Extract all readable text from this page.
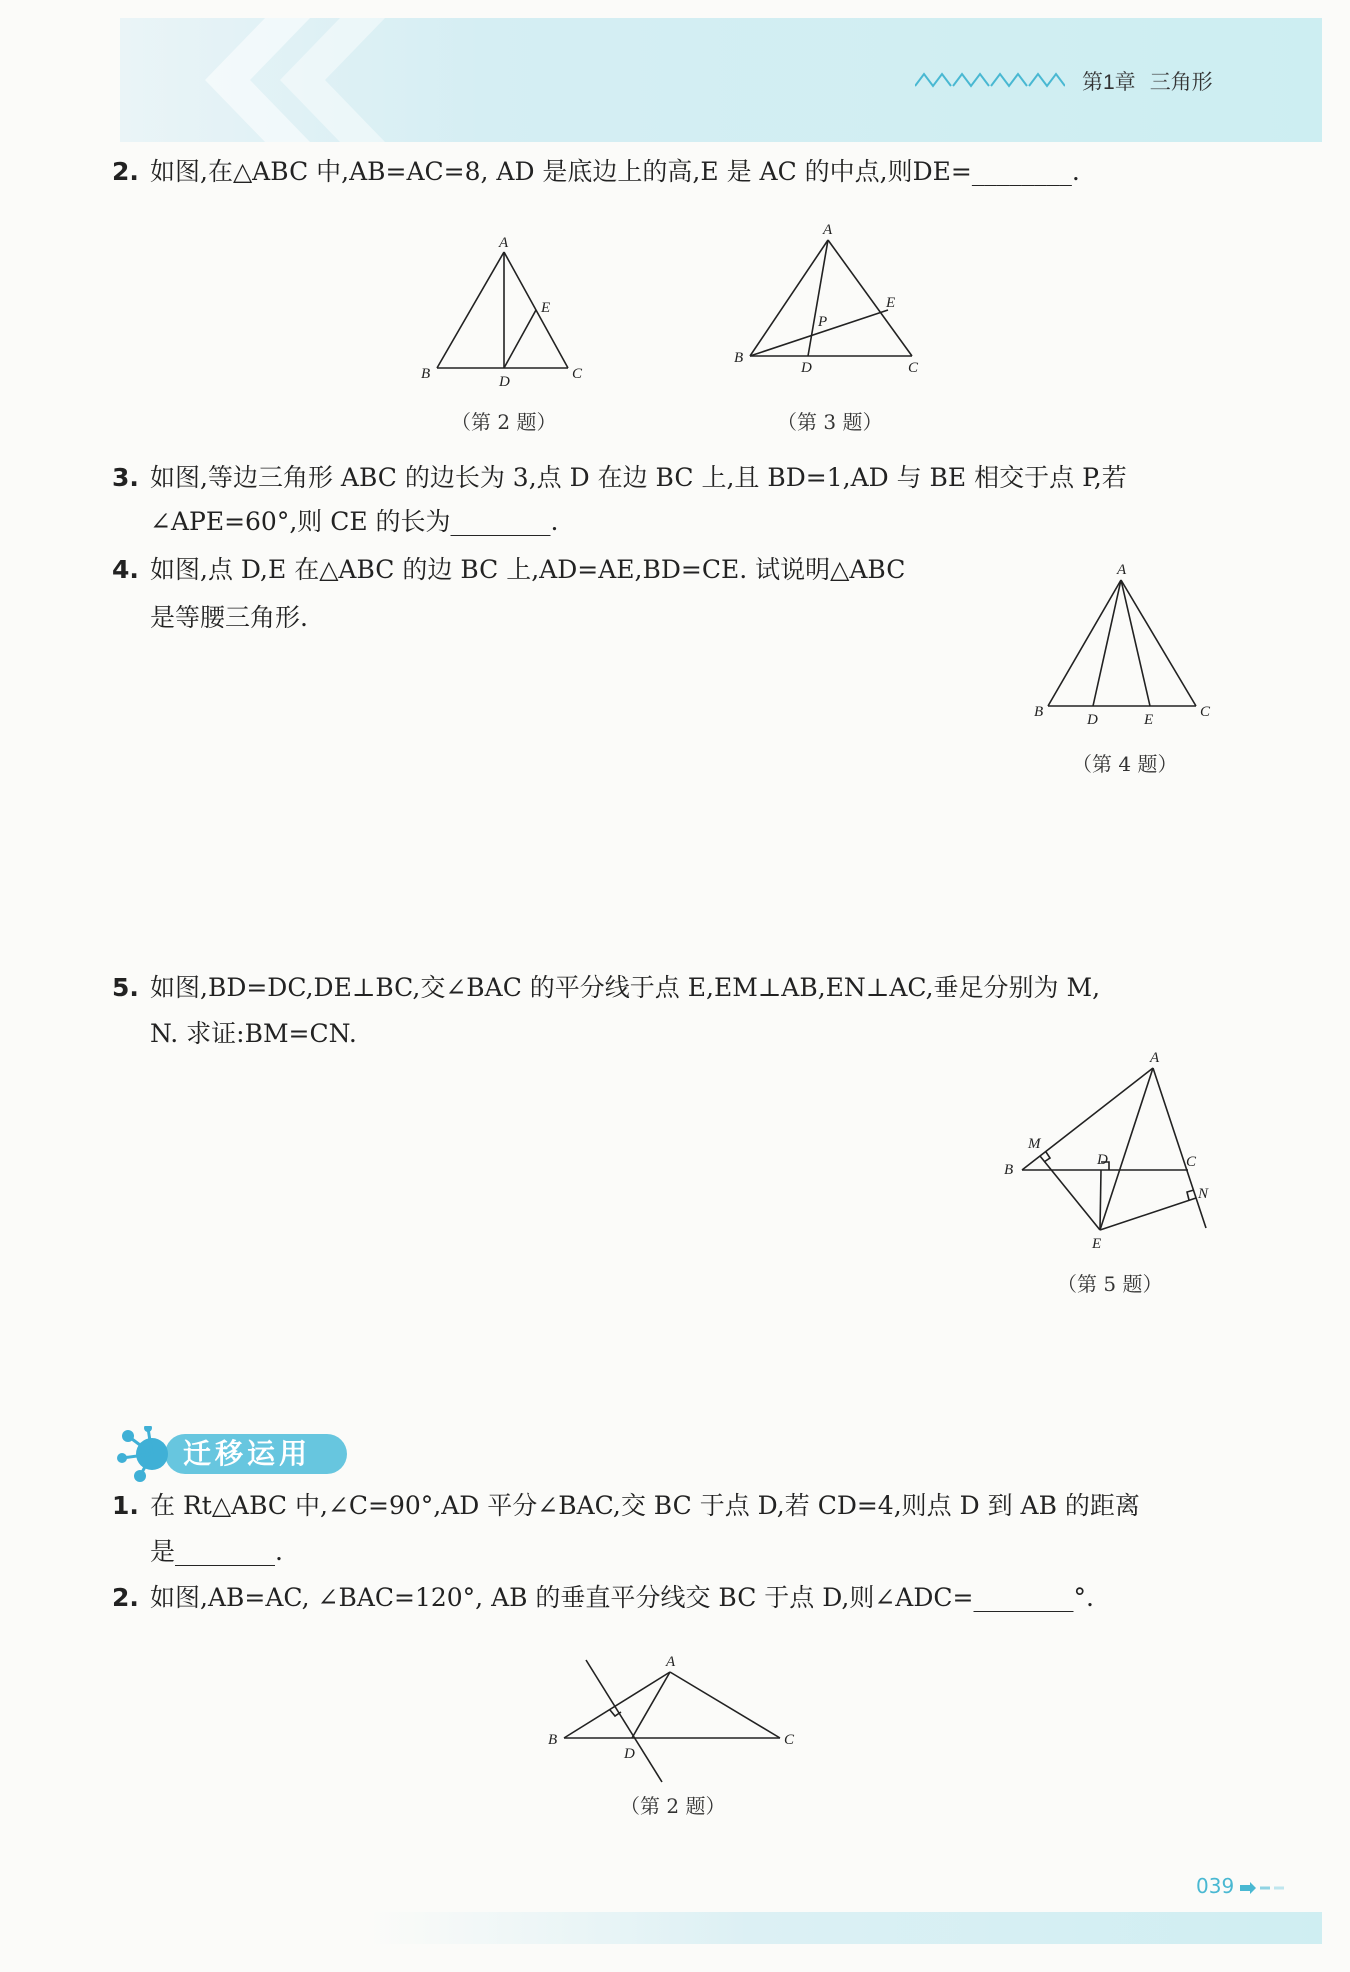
第1章 三角形
2. 如图,在△ABC 中,AB=AC=8, AD 是底边上的高,E 是 AC 的中点,则DE=________.
A
B	C
D
E
（第 2 题）
A
B
C
D
E
P
（第 3 题）
3. 如图,等边三角形 ABC 的边长为 3,点 D 在边 BC 上,且 BD=1,AD 与 BE 相交于点 P,若
∠APE=60°,则 CE 的长为________.
4. 如图,点 D,E 在△ABC 的边 BC 上,AD=AE,BD=CE. 试说明△ABC
是等腰三角形.
A
B	C
D	E
（第 4 题）
5. 如图,BD=DC,DE⊥BC,交∠BAC 的平分线于点 E,EM⊥AB,EN⊥AC,垂足分别为 M,
N. 求证:BM=CN.
A
B	C
D
E
M
N
（第 5 题）
迁移运用
1. 在 Rt△ABC 中,∠C=90°,AD 平分∠BAC,交 BC 于点 D,若 CD=4,则点 D 到 AB 的距离
是________.
2. 如图,AB=AC, ∠BAC=120°, AB 的垂直平分线交 BC 于点 D,则∠ADC=________°.
A
B	C
D
（第 2 题）
039
